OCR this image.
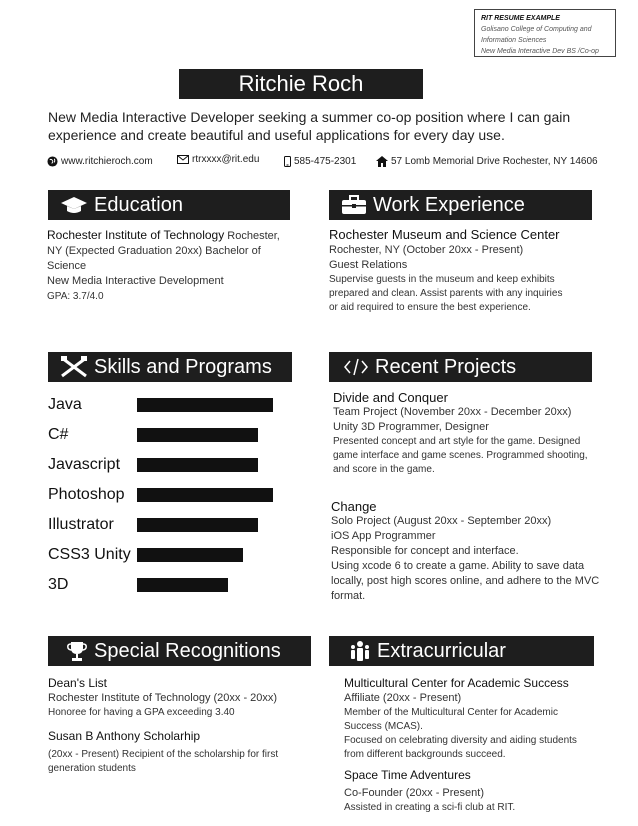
RIT RESUME EXAMPLE
Golisano College of Computing and
Information Sciences
New Media Interactive Dev BS /Co-op
Ritchie Roch
New Media Interactive Developer seeking a summer co-op position where I can gain experience and create beautiful and useful applications for every day use.
www.ritchieroch.com	rtrxxxx@rit.edu	585-475-2301	57 Lomb Memorial Drive Rochester, NY 14606
Education
Rochester Institute of Technology Rochester, NY (Expected Graduation 20xx) Bachelor of Science
New Media Interactive Development
GPA: 3.7/4.0
Work Experience
Rochester Museum and Science Center
Rochester, NY (October 20xx - Present)
Guest Relations
Supervise guests in the museum and keep exhibits prepared and clean. Assist parents with any inquiries or aid required to ensure the best experience.
Skills and Programs
Java
C#
Javascript
Photoshop
Illustrator
CSS3 Unity
3D
Recent Projects
Divide and Conquer
Team Project (November 20xx - December 20xx)
Unity 3D Programmer, Designer
Presented concept and art style for the game. Designed game interface and game scenes. Programmed shooting, and score in the game.
Change
Solo Project (August 20xx - September 20xx)
iOS App Programmer
Responsible for concept and interface.
Using xcode 6 to create a game. Ability to save data locally, post high scores online, and adhere to the MVC format.
Special Recognitions
Dean's List
Rochester Institute of Technology (20xx - 20xx)
Honoree for having a GPA exceeding 3.40
Susan B Anthony Scholarhip
(20xx - Present) Recipient of the scholarship for first generation students
Extracurricular
Multicultural Center for Academic Success
Affiliate (20xx - Present)
Member of the Multicultural Center for Academic Success (MCAS).
Focused on celebrating diversity and aiding students from different backgrounds succeed.
Space Time Adventures
Co-Founder (20xx - Present)
Assisted in creating a sci-fi club at RIT.
